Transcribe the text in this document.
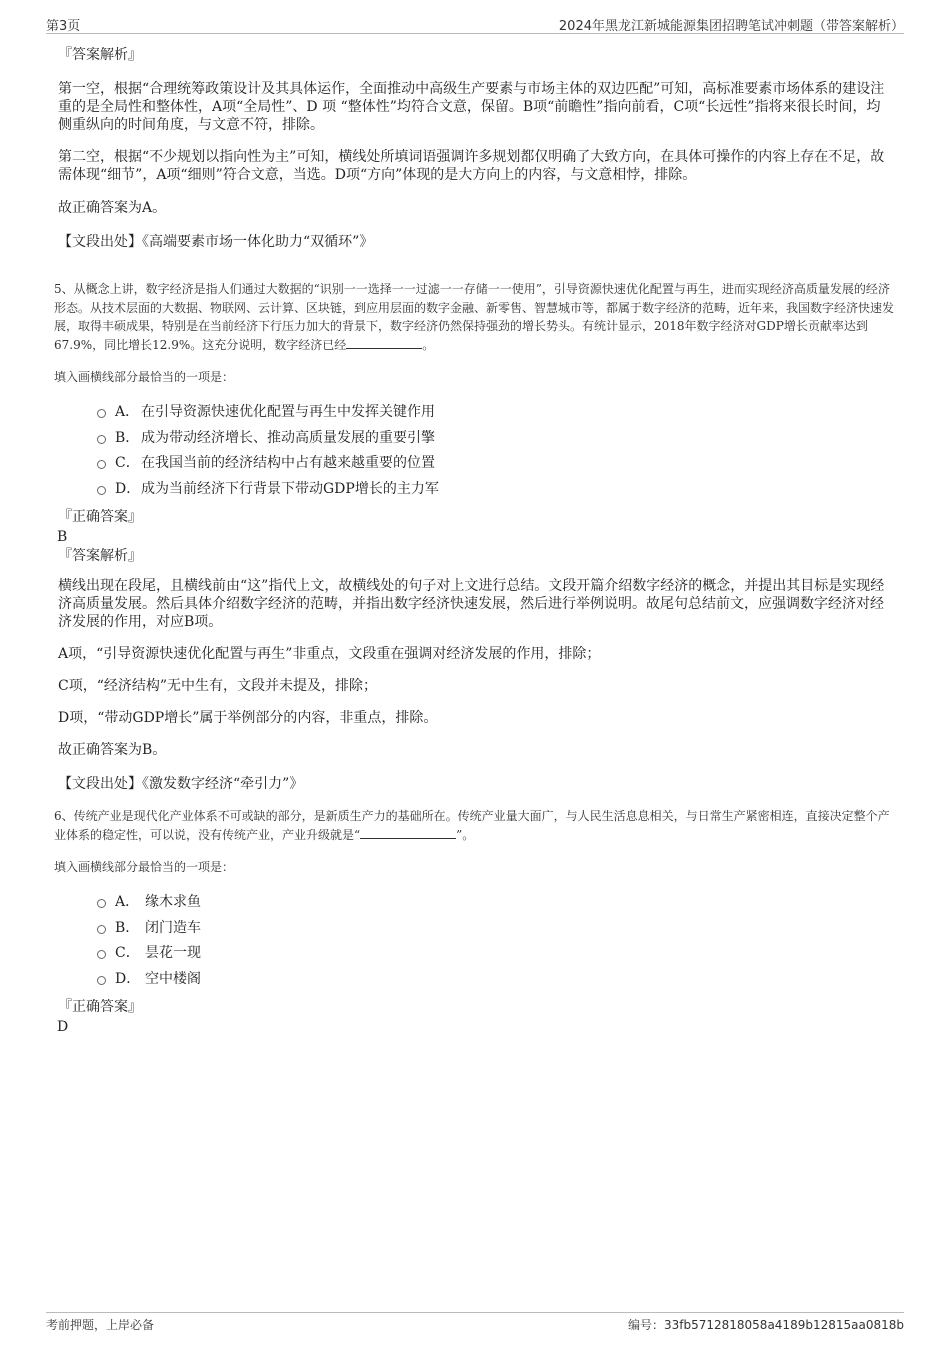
第3页	2024年黑龙江新城能源集团招聘笔试冲刺题（带答案解析）
『答案解析』

第一空，根据“合理统筹政策设计及其具体运作，全面推动中高级生产要素与市场主体的双边匹配”可知，高标准要素市场体系的建设注重的是全局性和整体性，A项“全局性”、D 项 “整体性”均符合文意，保留。B项“前瞻性”指向前看，C项“长远性”指将来很长时间，均侧重纵向的时间角度，与文意不符，排除。

第二空，根据“不少规划以指向性为主”可知，横线处所填词语强调许多规划都仅明确了大致方向，在具体可操作的内容上存在不足，故需体现“细节”，A项“细则”符合文意，当选。D项“方向”体现的是大方向上的内容，与文意相悖，排除。

故正确答案为A。

【文段出处】《高端要素市场一体化助力“双循环”》

5、从概念上讲，数字经济是指人们通过大数据的“识别一一选择一一过滤一一存储一一使用”，引导资源快速优化配置与再生，进而实现经济高质量发展的经济形态。从技术层面的大数据、物联网、云计算、区块链，到应用层面的数字金融、新零售、智慧城市等，都属于数字经济的范畴，近年来，我国数字经济快速发展，取得丰硕成果，特别是在当前经济下行压力加大的背景下，数字经济仍然保持强劲的增长势头。有统计显示，2018年数字经济对GDP增长贡献率达到67.9%，同比增长12.9%。这充分说明，数字经济已经	。

填入画横线部分最恰当的一项是：

A． 在引导资源快速优化配置与再生中发挥关键作用
B． 成为带动经济增长、推动高质量发展的重要引擎
C．在我国当前的经济结构中占有越来越重要的位置
D．成为当前经济下行背景下带动GDP增长的主力军
『正确答案』
B
『答案解析』

横线出现在段尾，且横线前由“这”指代上文，故横线处的句子对上文进行总结。文段开篇介绍数字经济的概念，并提出其目标是实现经济高质量发展。然后具体介绍数字经济的范畴，并指出数字经济快速发展，然后进行举例说明。故尾句总结前文，应强调数字经济对经济发展的作用，对应B项。

A项，“引导资源快速优化配置与再生”非重点，文段重在强调对经济发展的作用，排除；

C项，“经济结构”无中生有，文段并未提及，排除；

D项，“带动GDP增长”属于举例部分的内容，非重点，排除。

故正确答案为B。

【文段出处】《激发数字经济“牵引力”》

6、传统产业是现代化产业体系不可或缺的部分，是新质生产力的基础所在。传统产业量大面广，与人民生活息息相关，与日常生产紧密相连，直接决定整个产业体系的稳定性，可以说，没有传统产业，产业升级就是“	”。

填入画横线部分最恰当的一项是：

A． 缘木求鱼
B． 闭门造车
C． 昙花一现
D． 空中楼阁
『正确答案』
D
考前押题，上岸必备	编号：33fb5712818058a4189b12815aa0818b
